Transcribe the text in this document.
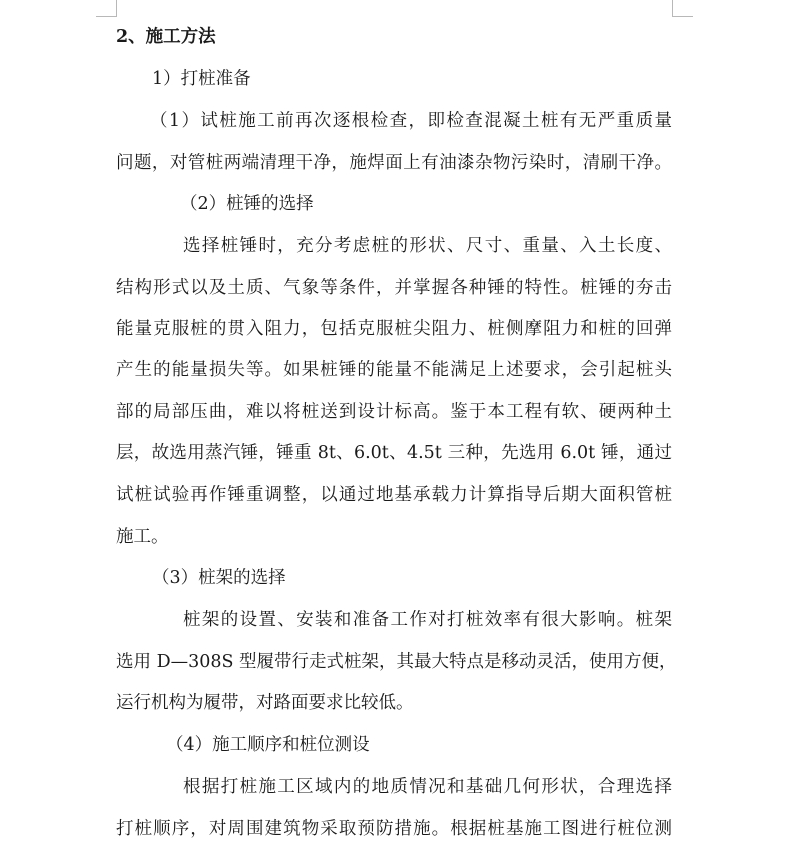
2、施工方法
1）打桩准备
（1）试桩施工前再次逐根检查，即检查混凝土桩有无严重质量
问题，对管桩两端清理干净，施焊面上有油漆杂物污染时，清刷干净。
（2）桩锤的选择
选择桩锤时，充分考虑桩的形状、尺寸、重量、入土长度、
结构形式以及土质、气象等条件，并掌握各种锤的特性。桩锤的夯击
能量克服桩的贯入阻力，包括克服桩尖阻力、桩侧摩阻力和桩的回弹
产生的能量损失等。如果桩锤的能量不能满足上述要求，会引起桩头
部的局部压曲，难以将桩送到设计标高。鉴于本工程有软、硬两种土
层，故选用蒸汽锤，锤重 8t、6.0t、4.5t 三种，先选用 6.0t 锤，通过
试桩试验再作锤重调整，以通过地基承载力计算指导后期大面积管桩
施工。
（3）桩架的选择
桩架的设置、安装和准备工作对打桩效率有很大影响。桩架
选用 D—308S 型履带行走式桩架，其最大特点是移动灵活，使用方便，
运行机构为履带，对路面要求比较低。
（4）施工顺序和桩位测设
根据打桩施工区域内的地质情况和基础几何形状，合理选择
打桩顺序，对周围建筑物采取预防措施。根据桩基施工图进行桩位测
